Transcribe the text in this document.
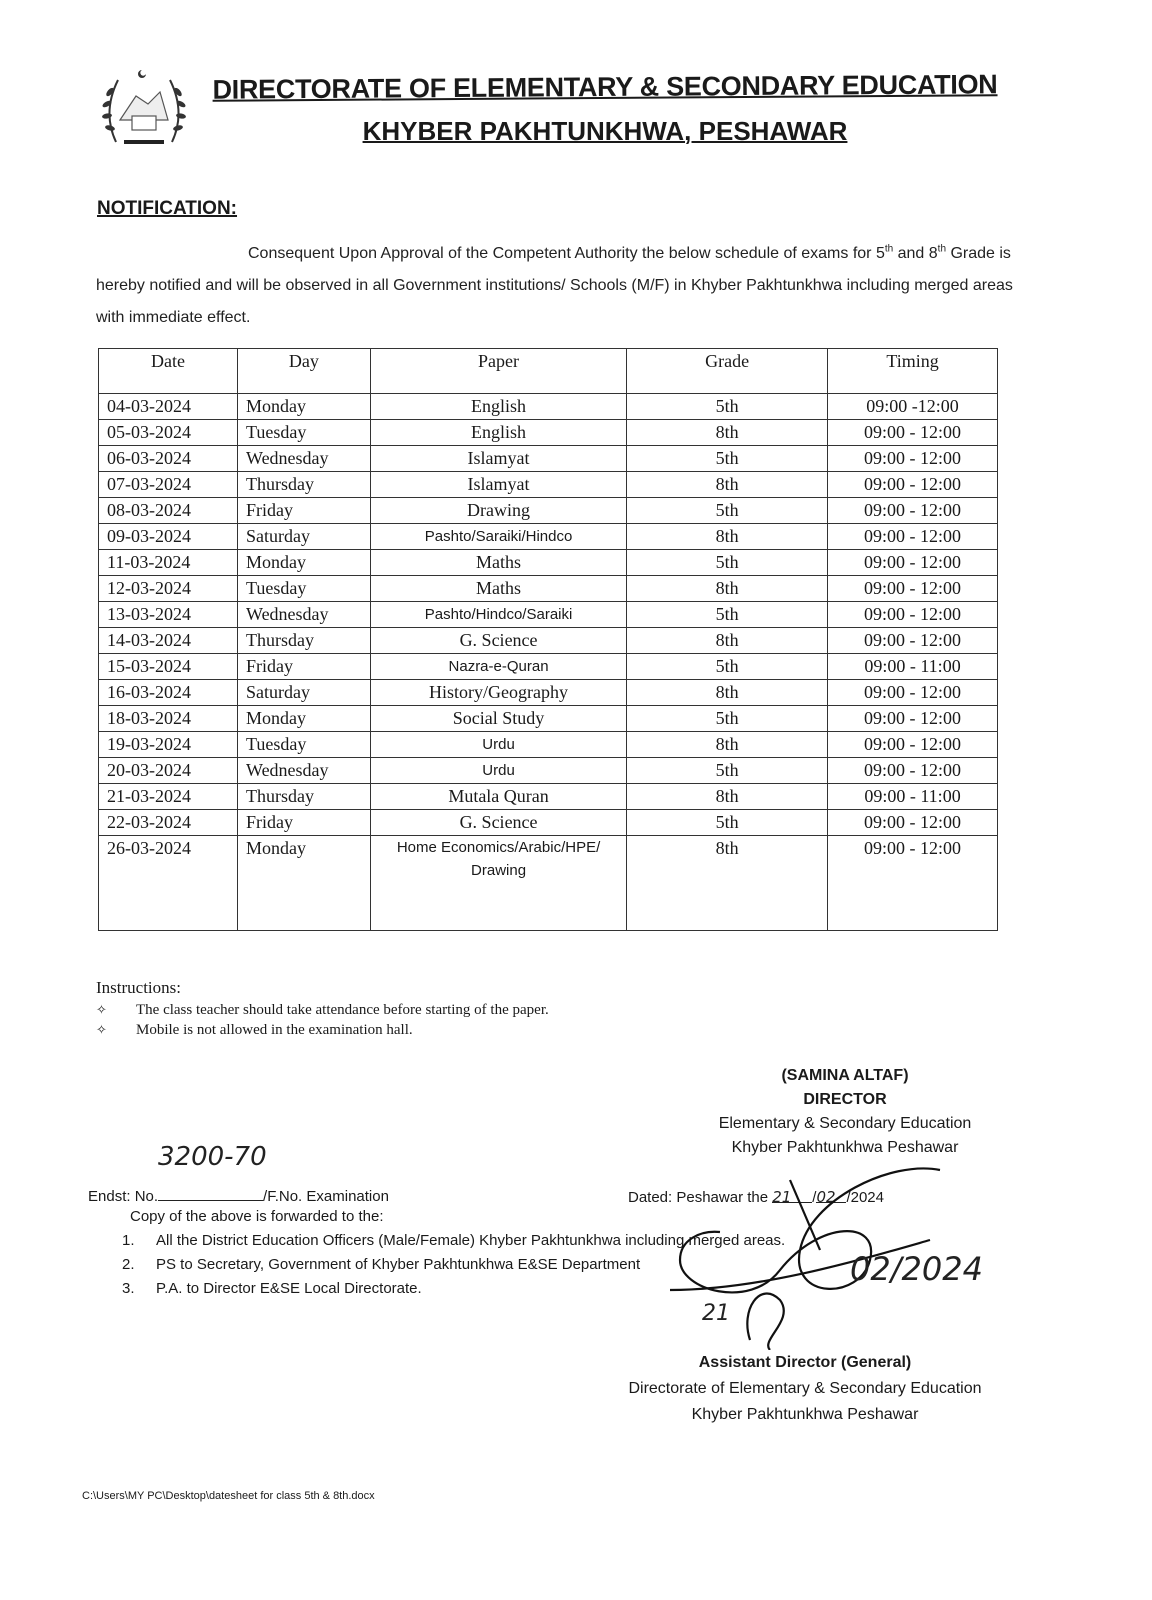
DIRECTORATE OF ELEMENTARY & SECONDARY EDUCATION
KHYBER PAKHTUNKHWA, PESHAWAR
NOTIFICATION:
Consequent Upon Approval of the Competent Authority the below schedule of exams for 5th and 8th Grade is hereby notified and will be observed in all Government institutions/ Schools (M/F) in Khyber Pakhtunkhwa including merged areas with immediate effect.
Date	Day	Paper	Grade	Timing
04-03-2024	Monday	English	5th	09:00 -12:00
05-03-2024	Tuesday	English	8th	09:00 - 12:00
06-03-2024	Wednesday	Islamyat	5th	09:00 - 12:00
07-03-2024	Thursday	Islamyat	8th	09:00 - 12:00
08-03-2024	Friday	Drawing	5th	09:00 - 12:00
09-03-2024	Saturday	Pashto/Saraiki/Hindco	8th	09:00 - 12:00
11-03-2024	Monday	Maths	5th	09:00 - 12:00
12-03-2024	Tuesday	Maths	8th	09:00 - 12:00
13-03-2024	Wednesday	Pashto/Hindco/Saraiki	5th	09:00 - 12:00
14-03-2024	Thursday	G. Science	8th	09:00 - 12:00
15-03-2024	Friday	Nazra-e-Quran	5th	09:00 - 11:00
16-03-2024	Saturday	History/Geography	8th	09:00 - 12:00
18-03-2024	Monday	Social Study	5th	09:00 - 12:00
19-03-2024	Tuesday	Urdu	8th	09:00 - 12:00
20-03-2024	Wednesday	Urdu	5th	09:00 - 12:00
21-03-2024	Thursday	Mutala Quran	8th	09:00 - 11:00
22-03-2024	Friday	G. Science	5th	09:00 - 12:00
26-03-2024	Monday	Home Economics/Arabic/HPE/ Drawing	8th	09:00 - 12:00
Instructions:
✧ The class teacher should take attendance before starting of the paper.
✧ Mobile is not allowed in the examination hall.
(SAMINA ALTAF)
DIRECTOR
Elementary & Secondary Education
Khyber Pakhtunkhwa Peshawar
3200-70
Endst: No.	/F.No. Examination	Dated: Peshawar the 21 /02 /2024
Copy of the above is forwarded to the:
1. All the District Education Officers (Male/Female) Khyber Pakhtunkhwa including merged areas.
2. PS to Secretary, Government of Khyber Pakhtunkhwa E&SE Department
3. P.A. to Director E&SE Local Directorate.
02/2024
21
Assistant Director (General)
Directorate of Elementary & Secondary Education
Khyber Pakhtunkhwa Peshawar
C:\Users\MY PC\Desktop\datesheet for class 5th & 8th.docx
